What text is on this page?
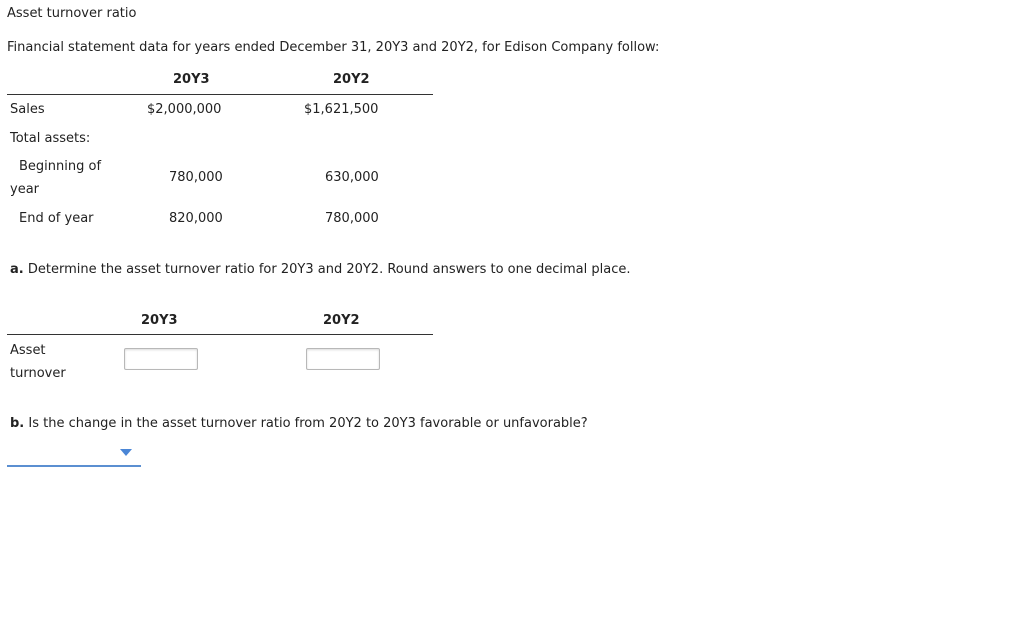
Asset turnover ratio
Financial statement data for years ended December 31, 20Y3 and 20Y2, for Edison Company follow:
20Y3	20Y2
Sales	$2,000,000	$1,621,500
Total assets:
Beginning of
year
780,000	630,000
End of year	820,000	780,000
a. Determine the asset turnover ratio for 20Y3 and 20Y2. Round answers to one decimal place.
20Y3	20Y2
Asset
turnover
b. Is the change in the asset turnover ratio from 20Y2 to 20Y3 favorable or unfavorable?
